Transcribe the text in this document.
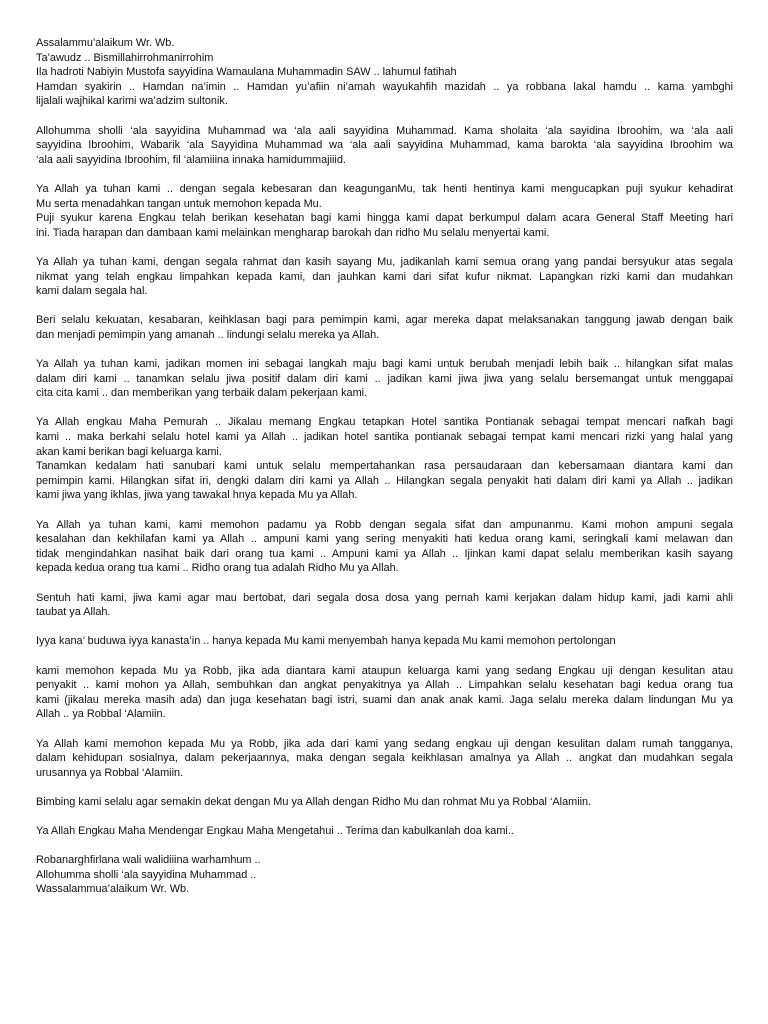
Assalammu’alaikum Wr. Wb.
Ta’awudz .. Bismillahirrohmanirrohim
Ila hadroti Nabiyin Mustofa sayyidina Wamaulana Muhammadin SAW .. lahumul fatihah
Hamdan syakirin .. Hamdan na’imin .. Hamdan yu’afiin ni’amah wayukahfih mazidah .. ya robbana lakal hamdu .. kama yambghi
lijalali wajhikal karimi wa’adzim sultonik.
Allohumma sholli ‘ala sayyidina Muhammad wa ‘ala aali sayyidina Muhammad. Kama sholaita ‘ala sayidina Ibroohim, wa ‘ala aali
sayyidina Ibroohim, Wabarik ‘ala Sayyidina Muhammad wa ‘ala aali sayyidina Muhammad, kama barokta ‘ala sayyidina Ibroohim wa
‘ala aali sayyidina Ibroohim, fil ‘alamiiina innaka hamidummajiiid.
Ya Allah ya tuhan kami .. dengan segala kebesaran dan keagunganMu, tak henti hentinya kami mengucapkan puji syukur kehadirat
Mu serta menadahkan tangan untuk memohon kepada Mu.
Puji syukur karena Engkau telah berikan kesehatan bagi kami hingga kami dapat berkumpul dalam acara General Staff Meeting hari
ini. Tiada harapan dan dambaan kami melainkan mengharap barokah dan ridho Mu selalu menyertai kami.
Ya Allah ya tuhan kami, dengan segala rahmat dan kasih sayang Mu, jadikanlah kami semua orang yang pandai bersyukur atas segala
nikmat yang telah engkau limpahkan kepada kami, dan jauhkan kami dari sifat kufur nikmat. Lapangkan rizki kami dan mudahkan
kami dalam segala hal.
Beri selalu kekuatan, kesabaran, keihklasan bagi para pemimpin kami, agar mereka dapat melaksanakan tanggung jawab dengan baik
dan menjadi pemimpin yang amanah .. lindungi selalu mereka ya Allah.
Ya Allah ya tuhan kami, jadikan momen ini sebagai langkah maju bagi kami untuk berubah menjadi lebih baik .. hilangkan sifat malas
dalam diri kami .. tanamkan selalu jiwa positif dalam diri kami .. jadikan kami jiwa jiwa yang selalu bersemangat untuk menggapai
cita cita kami .. dan memberikan yang terbaik dalam pekerjaan kami.
Ya Allah engkau Maha Pemurah .. Jikalau memang Engkau tetapkan Hotel santika Pontianak sebagai tempat mencari nafkah bagi
kami .. maka berkahi selalu hotel kami ya Allah .. jadikan hotel santika pontianak sebagai tempat kami mencari rizki yang halal yang
akan kami berikan bagi keluarga kami.
Tanamkan kedalam hati sanubari kami untuk selalu mempertahankan rasa persaudaraan dan kebersamaan diantara kami dan
pemimpin kami. Hilangkan sifat iri, dengki dalam diri kami ya Allah .. Hilangkan segala penyakit hati dalam diri kami ya Allah .. jadikan
kami jiwa yang ikhlas, jiwa yang tawakal hnya kepada Mu ya Allah.
Ya Allah ya tuhan kami, kami memohon padamu ya Robb dengan segala sifat dan ampunanmu. Kami mohon ampuni segala
kesalahan dan kekhilafan kami ya Allah .. ampuni kami yang sering menyakiti hati kedua orang kami, seringkali kami melawan dan
tidak mengindahkan nasihat baik dari orang tua kami .. Ampuni kami ya Allah .. Ijinkan kami dapat selalu memberikan kasih sayang
kepada kedua orang tua kami .. Ridho orang tua adalah Ridho Mu ya Allah.
Sentuh hati kami, jiwa kami agar mau bertobat, dari segala dosa dosa yang pernah kami kerjakan dalam hidup kami, jadi kami ahli
taubat ya Allah.
Iyya kana’ buduwa iyya kanasta’in .. hanya kepada Mu kami menyembah hanya kepada Mu kami memohon pertolongan
kami memohon kepada Mu ya Robb, jika ada diantara kami ataupun keluarga kami yang sedang Engkau uji dengan kesulitan atau
penyakit .. kami mohon ya Allah, sembuhkan dan angkat penyakitnya ya Allah .. Limpahkan selalu kesehatan bagi kedua orang tua
kami (jikalau mereka masih ada) dan juga kesehatan bagi istri, suami dan anak anak kami. Jaga selalu mereka dalam lindungan Mu ya
Allah .. ya Robbal ‘Alamiin.
Ya Allah kami memohon kepada Mu ya Robb, jika ada dari kami yang sedang engkau uji dengan kesulitan dalam rumah tangganya,
dalam kehidupan sosialnya, dalam pekerjaannya, maka dengan segala keikhlasan amalnya ya Allah .. angkat dan mudahkan segala
urusannya ya Robbal ‘Alamiin.
Bimbing kami selalu agar semakin dekat dengan Mu ya Allah dengan Ridho Mu dan rohmat Mu ya Robbal ‘Alamiin.
Ya Allah Engkau Maha Mendengar Engkau Maha Mengetahui .. Terima dan kabulkanlah doa kami..
Robanarghfirlana wali walidiiina warhamhum ..
Allohumma sholli ‘ala sayyidina Muhammad ..
Wassalammua’alaikum Wr. Wb.
